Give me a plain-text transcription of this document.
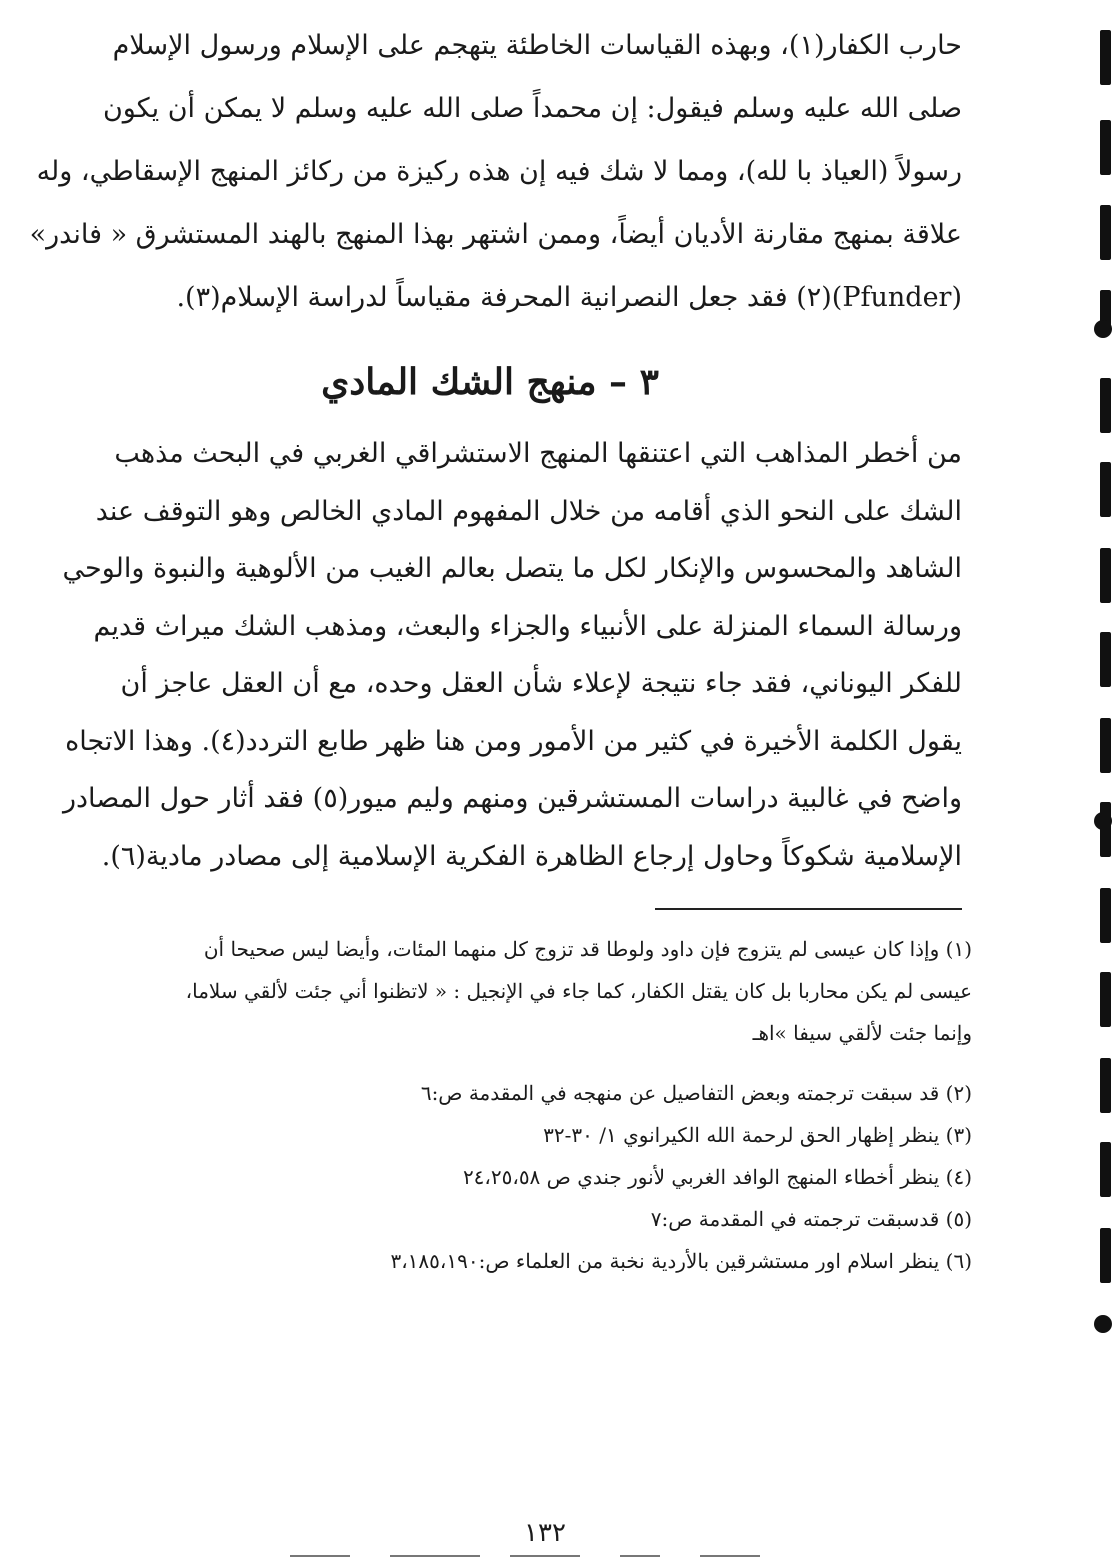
حارب الكفار(١)، وبهذه القياسات الخاطئة يتهجم على الإسلام ورسول الإسلام
صلى الله عليه وسلم فيقول: إن محمداً صلى الله عليه وسلم لا يمكن أن يكون
رسولاً (العياذ با لله)، ومما لا شك فيه إن هذه ركيزة من ركائز المنهج الإسقاطي، وله
علاقة بمنهج مقارنة الأديان أيضاً، وممن اشتهر بهذا المنهج بالهند المستشرق « فاندر»
(Pfunder)(٢) فقد جعل النصرانية المحرفة مقياساً لدراسة الإسلام(٣).
٣ – منهج الشك المادي
من أخطر المذاهب التي اعتنقها المنهج الاستشراقي الغربي في البحث مذهب
الشك على النحو الذي أقامه من خلال المفهوم المادي الخالص وهو التوقف عند
الشاهد والمحسوس والإنكار لكل ما يتصل بعالم الغيب من الألوهية والنبوة والوحي
ورسالة السماء المنزلة على الأنبياء والجزاء والبعث، ومذهب الشك ميراث قديم
للفكر اليوناني، فقد جاء نتيجة لإعلاء شأن العقل وحده، مع أن العقل عاجز أن
يقول الكلمة الأخيرة في كثير من الأمور ومن هنا ظهر طابع التردد(٤). وهذا الاتجاه
واضح في غالبية دراسات المستشرقين ومنهم وليم ميور(٥) فقد أثار حول المصادر
الإسلامية شكوكاً وحاول إرجاع الظاهرة الفكرية الإسلامية إلى مصادر مادية(٦).
(١) وإذا كان عيسى لم يتزوج فإن داود ولوطا قد تزوج كل منهما المئات، وأيضا ليس صحيحا أن
عيسى لم يكن محاربا بل كان يقتل الكفار، كما جاء في الإنجيل : « لاتظنوا أني جئت لألقي سلاما،
وإنما جئت لألقي سيفا »اهـ
(٢) قد سبقت ترجمته وبعض التفاصيل عن منهجه في المقدمة ص:٦
(٣) ينظر إظهار الحق لرحمة الله الكيرانوي ١/ ٣٠-٣٢
(٤) ينظر أخطاء المنهج الوافد الغربي لأنور جندي ص ٢٤،٢٥،٥٨
(٥) قدسبقت ترجمته في المقدمة ص:٧
(٦) ينظر اسلام اور مستشرقين بالأردية نخبة من العلماء ص:٣،١٨٥،١٩٠
١٣٢
